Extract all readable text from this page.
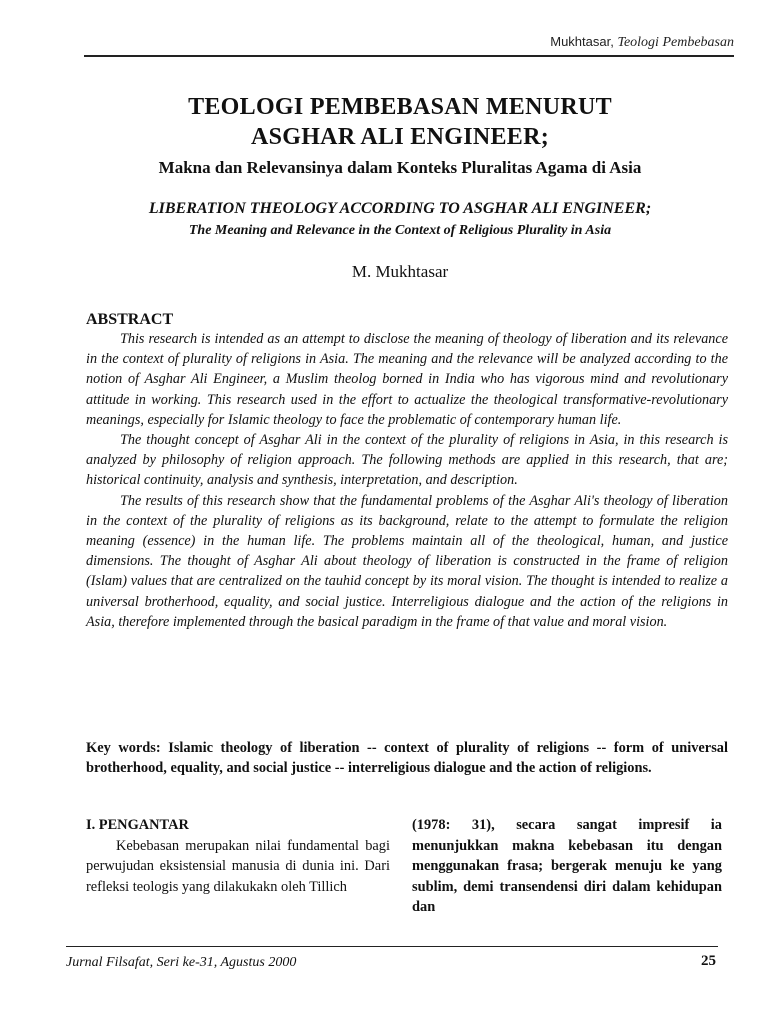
Mukhtasar, Teologi Pembebasan
TEOLOGI PEMBEBASAN MENURUT
ASGHAR ALI ENGINEER;
Makna dan Relevansinya dalam Konteks Pluralitas Agama di Asia
LIBERATION THEOLOGY ACCORDING TO ASGHAR ALI ENGINEER;
The Meaning and Relevance in the Context of Religious Plurality in Asia
M. Mukhtasar
ABSTRACT

This research is intended as an attempt to disclose the meaning of theology of liberation and its relevance in the context of plurality of religions in Asia. The meaning and the relevance will be analyzed according to the notion of Asghar Ali Engineer, a Muslim theolog borned in India who has vigorous mind and revolutionary attitude in working. This research used in the effort to actualize the theological transformative-revolutionary meanings, especially for Islamic theology to face the problematic of contemporary human life.

The thought concept of Asghar Ali in the context of the plurality of religions in Asia, in this research is analyzed by philosophy of religion approach. The following methods are applied in this research, that are; historical continuity, analysis and synthesis, interpretation, and description.

The results of this research show that the fundamental problems of the Asghar Ali's theology of liberation in the context of the plurality of religions as its background, relate to the attempt to formulate the religion meaning (essence) in the human life. The problems maintain all of the theological, human, and justice dimensions. The thought of Asghar Ali about theology of liberation is constructed in the frame of religion (Islam) values that are centralized on the tauhid concept by its moral vision. The thought is intended to realize a universal brotherhood, equality, and social justice. Interreligious dialogue and the action of the religions in Asia, therefore implemented through the basical paradigm in the frame of that value and moral vision.

Key words: Islamic theology of liberation -- context of plurality of religions -- form of universal brotherhood, equality, and social justice -- interreligious dialogue and the action of religions.

I. PENGANTAR

Kebebasan merupakan nilai fundamental bagi perwujudan eksistensial manusia di dunia ini. Dari refleksi teologis yang dilakukakn oleh Tillich

(1978: 31), secara sangat impresif ia menunjukkan makna kebebasan itu dengan menggunakan frasa; bergerak menuju ke yang sublim, demi transendensi diri dalam kehidupan dan

Jurnal Filsafat, Seri ke-31, Agustus 2000	25
